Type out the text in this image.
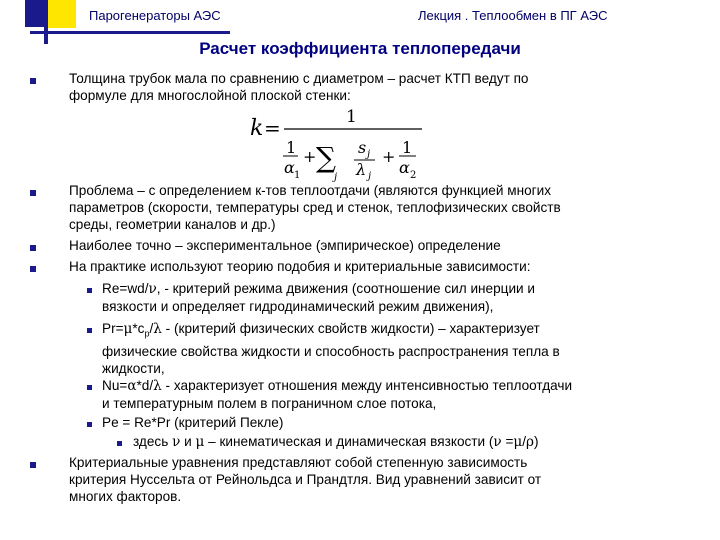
Парогенераторы АЭС	Лекция . Теплообмен в ПГ АЭС
Расчет коэффициента теплопередачи
Толщина трубок мала по сравнению с диаметром – расчет КТП ведут по
формуле для многослойной плоской стенки:
k =	1
1
α 1
+ ∑
j
s j
λ j
+ 1
α 2
Проблема – с определением к-тов теплоотдачи (являются функцией многих
параметров (скорости, температуры сред и стенок, теплофизических свойств
среды, геометрии каналов и др.)
Наиболее точно – экспериментальное (эмпирическое) определение
На практике используют теорию подобия и критериальные зависимости:
Re=wd/ν, - критерий режима движения (соотношение сил инерции и
вязкости и определяет гидродинамический режим движения),
$Pr=\mu*c_p/\lambda$ - (критерий физических свойств жидкости) – характеризует
физические свойства жидкости и способность распространения тепла в
жидкости,
Nu=α*d/λ - характеризует отношения между интенсивностью теплоотдачи
и температурным полем в пограничном слое потока,
Pe = Re*Pr (критерий Пекле)
здесь ν и μ – кинематическая и динамическая вязкости (ν =μ/ρ)
Критериальные уравнения представляют собой степенную зависимость
критерия Нуссельта от Рейнольдса и Прандтля. Вид уравнений зависит от
многих факторов.
